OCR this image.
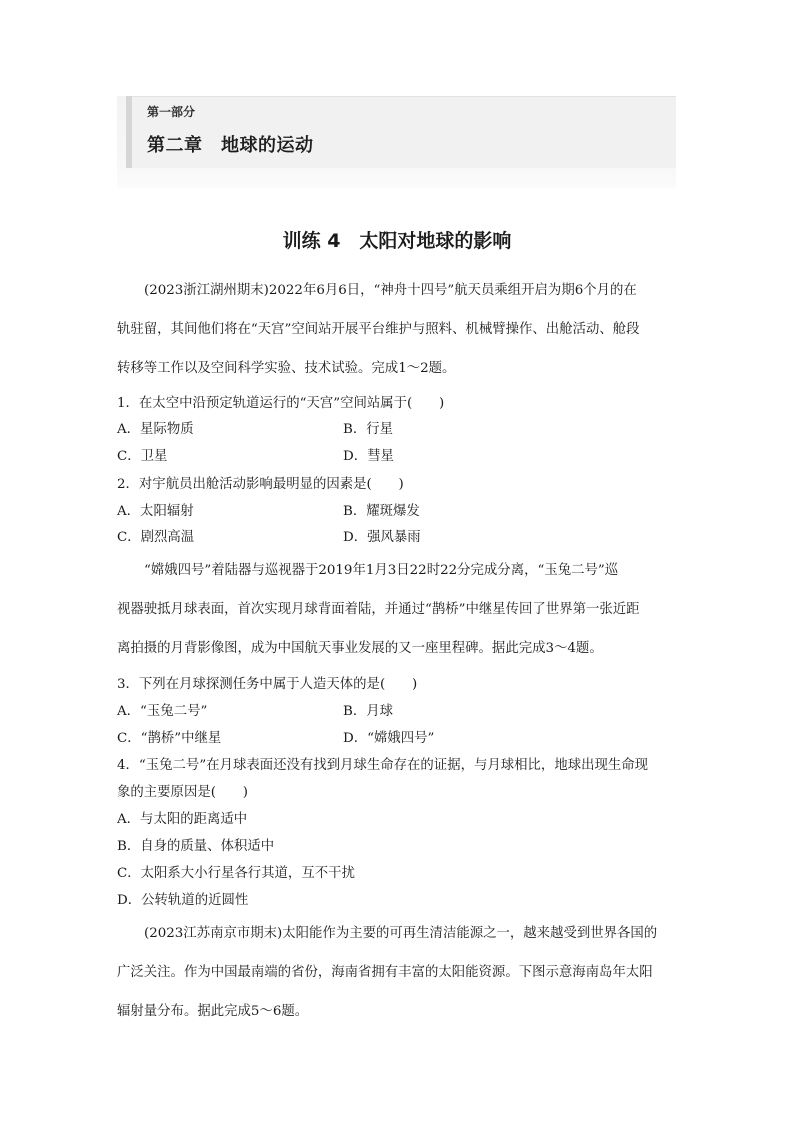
第一部分
第二章　地球的运动
训练 4　太阳对地球的影响
(2023浙江湖州期末)2022年6月6日，“神舟十四号”航天员乘组开启为期6个月的在
轨驻留，其间他们将在“天宫”空间站开展平台维护与照料、机械臂操作、出舱活动、舱段
转移等工作以及空间科学实验、技术试验。完成1～2题。
1．在太空中沿预定轨道运行的“天宫”空间站属于(　　)
A．星际物质	B．行星
C．卫星	D．彗星
2．对宇航员出舱活动影响最明显的因素是(　　)
A．太阳辐射	B．耀斑爆发
C．剧烈高温	D．强风暴雨
“嫦娥四号”着陆器与巡视器于2019年1月3日22时22分完成分离，“玉兔二号”巡
视器驶抵月球表面，首次实现月球背面着陆，并通过“鹊桥”中继星传回了世界第一张近距
离拍摄的月背影像图，成为中国航天事业发展的又一座里程碑。据此完成3～4题。
3．下列在月球探测任务中属于人造天体的是(　　)
A．“玉兔二号”	B．月球
C．“鹊桥”中继星	D．“嫦娥四号”
4．“玉兔二号”在月球表面还没有找到月球生命存在的证据，与月球相比，地球出现生命现
象的主要原因是(　　)
A．与太阳的距离适中
B．自身的质量、体积适中
C．太阳系大小行星各行其道，互不干扰
D．公转轨道的近圆性
(2023江苏南京市期末)太阳能作为主要的可再生清洁能源之一，越来越受到世界各国的
广泛关注。作为中国最南端的省份，海南省拥有丰富的太阳能资源。下图示意海南岛年太阳
辐射量分布。据此完成5～6题。
